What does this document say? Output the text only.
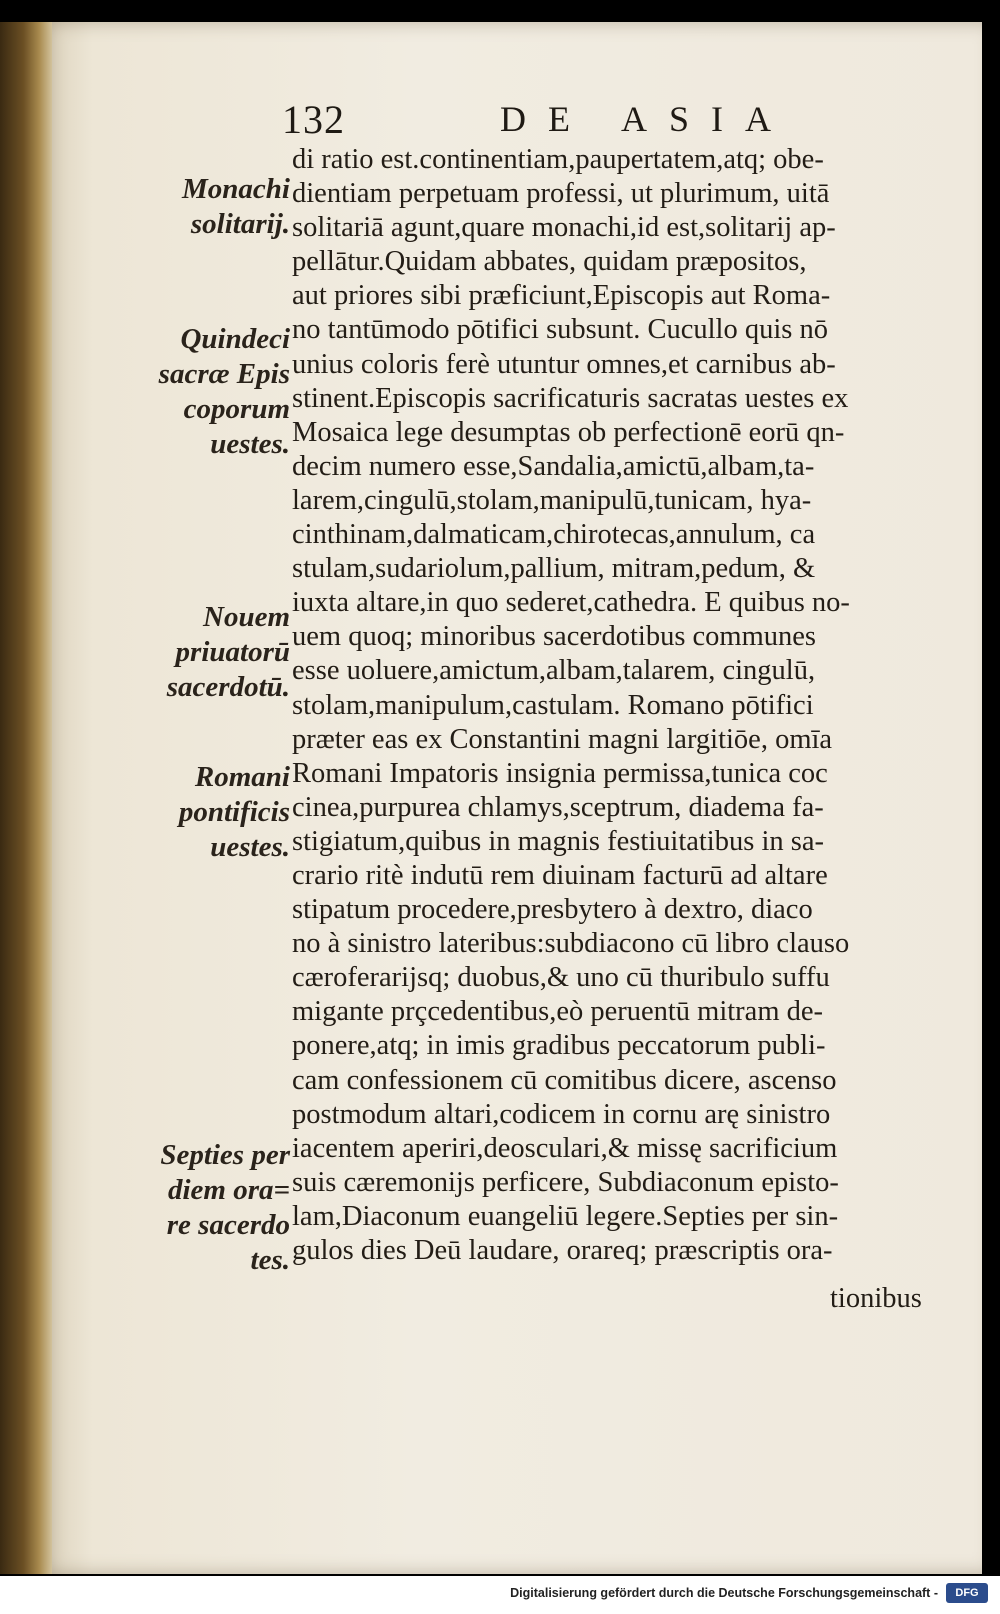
132	DE ASIA
Monachi
solitarij.
Quindeci
sacræ Epis
coporum
uestes.
Nouem
priuatorū
sacerdotū.
Romani
pontificis
uestes.
Septies per
diem ora=
re sacerdo
tes.
di ratio est.continentiam,paupertatem,atq; obe-
dientiam perpetuam professi, ut plurimum, uitā
solitariā agunt,quare monachi,id est,solitarij ap-
pellātur.Quidam abbates, quidam præpositos,
aut priores sibi præficiunt,Episcopis aut Roma-
no tantūmodo pōtifici subsunt. Cucullo quis nō
unius coloris ferè utuntur omnes,et carnibus ab-
stinent.Episcopis sacrificaturis sacratas uestes ex
Mosaica lege desumptas ob perfectionē eorū qn-
decim numero esse,Sandalia,amictū,albam,ta-
larem,cingulū,stolam,manipulū,tunicam, hya-
cinthinam,dalmaticam,chirotecas,annulum, ca
stulam,sudariolum,pallium, mitram,pedum, &
iuxta altare,in quo sederet,cathedra. E quibus no-
uem quoq; minoribus sacerdotibus communes
esse uoluere,amictum,albam,talarem, cingulū,
stolam,manipulum,castulam. Romano pōtifici
præter eas ex Constantini magni largitiōe, omīa
Romani Impatoris insignia permissa,tunica coc
cinea,purpurea chlamys,sceptrum, diadema fa-
stigiatum,quibus in magnis festiuitatibus in sa-
crario ritè indutū rem diuinam facturū ad altare
stipatum procedere,presbytero à dextro, diaco
no à sinistro lateribus:subdiacono cū libro clauso
cæroferarijsq; duobus,& uno cū thuribulo suffu
migante prçcedentibus,eò peruentū mitram de-
ponere,atq; in imis gradibus peccatorum publi-
cam confessionem cū comitibus dicere, ascenso
postmodum altari,codicem in cornu arę sinistro
iacentem aperiri,deosculari,& missę sacrificium
suis cæremonijs perficere, Subdiaconum episto-
lam,Diaconum euangeliū legere.Septies per sin-
gulos dies Deū laudare, orareq; præscriptis ora-
tionibus
Digitalisierung gefördert durch die Deutsche Forschungsgemeinschaft -	DFG
